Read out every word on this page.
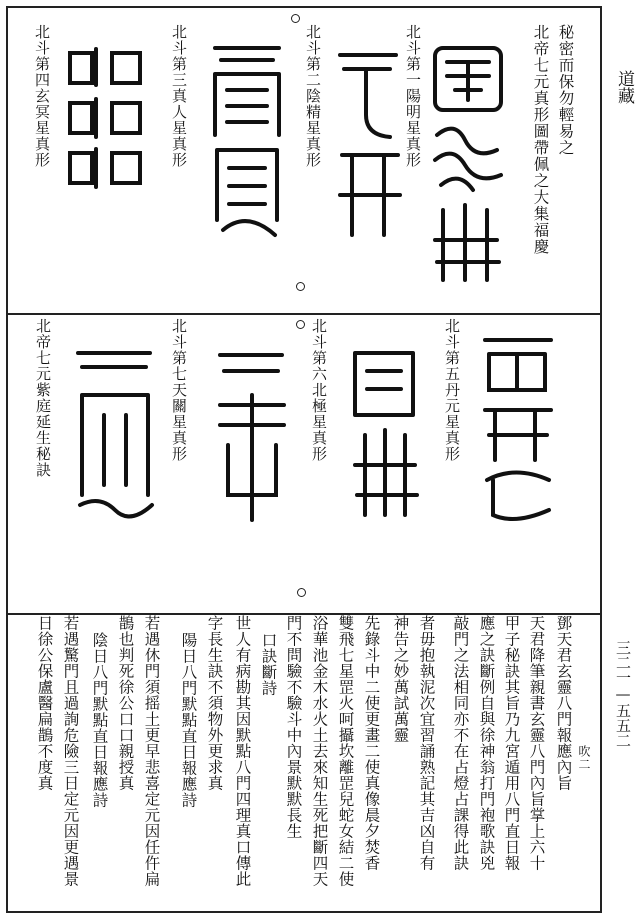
道藏
三二一—五五二
秘密而保勿輕易之
北帝七元真形圖帶佩之大集福慶
北斗第一陽明星真形
北斗第二陰精星真形
北斗第三真人星真形
北斗第四玄冥星真形
北斗第五丹元星真形
北斗第六北極星真形
北斗第七天關星真形
北帝七元紫庭延生秘訣
吹二
鄧天君玄靈八門報應內旨
天君降筆親書玄靈八門內旨掌上六十
甲子秘訣其旨乃九宮遁用八門直日報
應之訣斷例自與徐神翁打門袍歌訣兇
敲門之法相同亦不在占燈占課得此訣
者毋抱執泥次宜習誦熟記其吉凶自有
神告之妙萬試萬靈
先錄斗中二使更畫二使真像晨夕焚香
雙飛七星罡火呵攝坎離罡兒蛇女結二使
浴華池金木水火土去來知生死把斷四天
門不問驗不驗斗中內景默默長生
口訣斷詩
世人有病勘其因默點八門四理真口傳此
字長生訣不須物外更求真
陽日八門默點直日報應詩
若遇休門須摇土更早悲喜定元因任仵扁
鵲也判死徐公口口親授真
陰日八門默點直日報應詩
若遇驚門且過詢危險三日定元因更遇景
日徐公保盧醫扁鵲不度真
